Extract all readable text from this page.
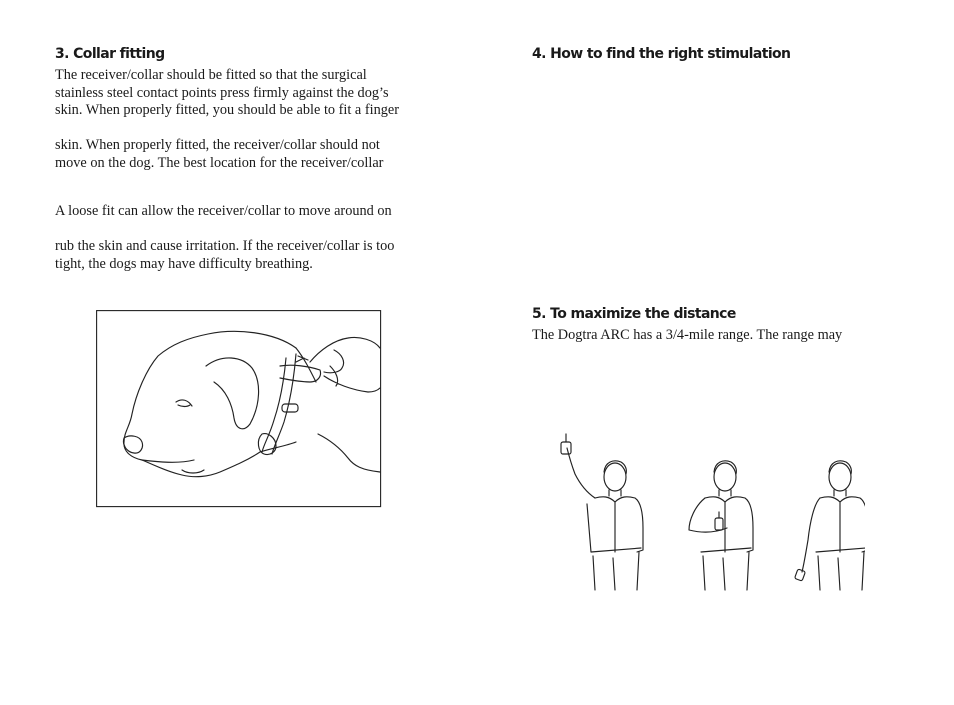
3. Collar fitting

The receiver/collar should be fitted so that the surgical

stainless steel contact points press firmly against the dog’s

skin. When properly fitted, you should be able to fit a finger

skin. When properly fitted, the receiver/collar should not

move on the dog. The best location for the receiver/collar

A loose fit can allow the receiver/collar to move around on

rub the skin and cause irritation. If the receiver/collar is too

tight, the dogs may have difficulty breathing.

4. How to find the right stimulation
5. To maximize the distance

The Dogtra ARC has a 3/4-mile range. The range may
